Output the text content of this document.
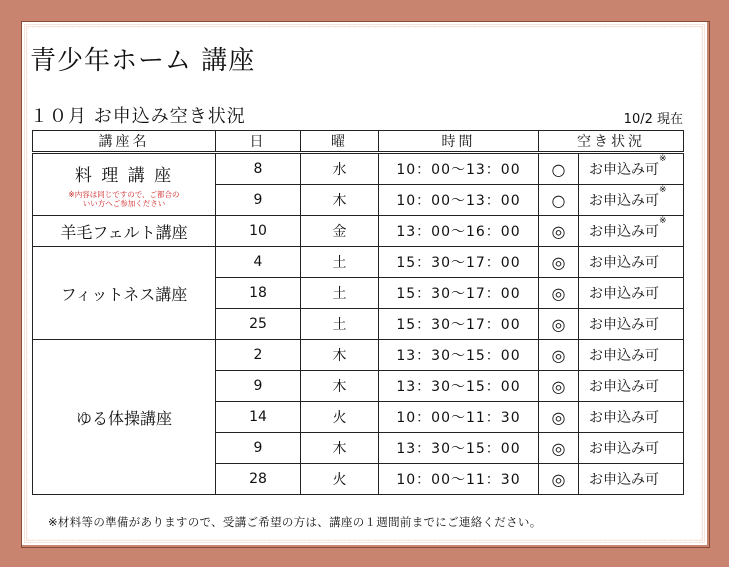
青少年ホーム 講座
１０月 お申込み空き状況	10/2 現在
講座名	日	曜	時間	空き状況	

料 理 講 座
※内容は同じですので、ご都合の
いい方へご参加ください	8	水	10：00～13：00	○	お申込み可※
	9	木	10：00～13：00	○	お申込み可※

羊毛フェルト講座	10	金	13：00～16：00	◎	お申込み可※

フィットネス講座	4	土	15：30～17：00	◎	お申込み可
	18	土	15：30～17：00	◎	お申込み可
	25	土	15：30～17：00	◎	お申込み可

ゆる体操講座	2	木	13：30～15：00	◎	お申込み可
	9	木	13：30～15：00	◎	お申込み可
	14	火	10：00～11：30	◎	お申込み可
	9	木	13：30～15：00	◎	お申込み可
	28	火	10：00～11：30	◎	お申込み可
※材料等の準備がありますので、受講ご希望の方は、講座の１週間前までにご連絡ください。
